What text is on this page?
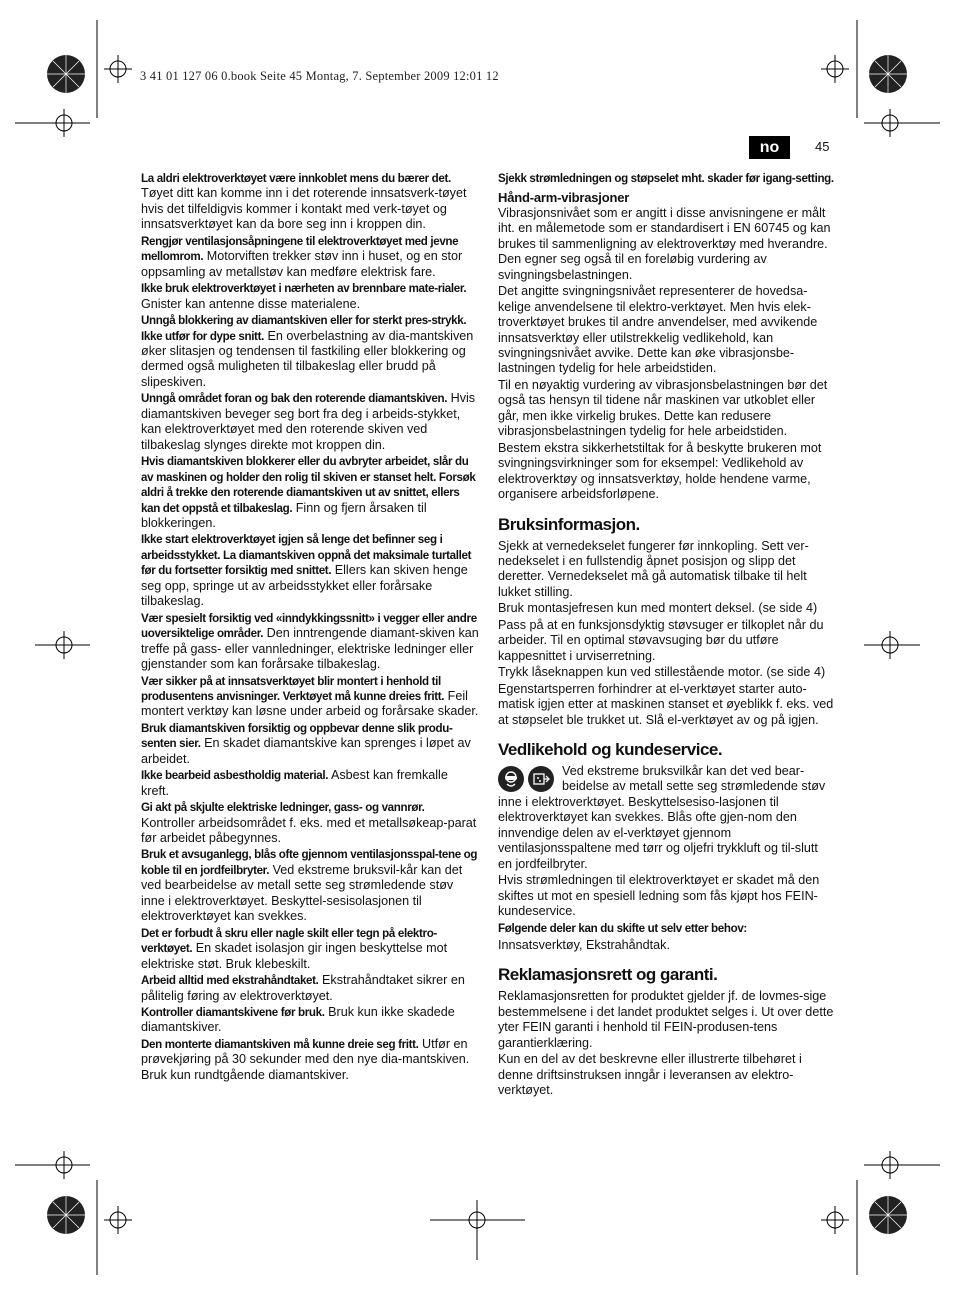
3 41 01 127 06 0.book Seite 45 Montag, 7. September 2009 12:01 12
no	45

La aldri elektroverktøyet være innkoblet mens du bærer det. Tøyet ditt kan komme inn i det roterende innsatsverk-tøyet hvis det tilfeldigvis kommer i kontakt med verk-tøyet og innsatsverktøyet kan da bore seg inn i kroppen din.

Rengjør ventilasjonsåpningene til elektroverktøyet med jevne mellomrom. Motorviften trekker støv inn i huset, og en stor oppsamling av metallstøv kan medføre elektrisk fare.

Ikke bruk elektroverktøyet i nærheten av brennbare mate-rialer. Gnister kan antenne disse materialene.

Unngå blokkering av diamantskiven eller for sterkt pres-strykk. Ikke utfør for dype snitt. En overbelastning av dia-mantskiven øker slitasjen og tendensen til fastkiling eller blokkering og dermed også muligheten til tilbakeslag eller brudd på slipeskiven.

Unngå området foran og bak den roterende diamantskiven. Hvis diamantskiven beveger seg bort fra deg i arbeids-stykket, kan elektroverktøyet med den roterende skiven ved tilbakeslag slynges direkte mot kroppen din.

Hvis diamantskiven blokkerer eller du avbryter arbeidet, slår du av maskinen og holder den rolig til skiven er stanset helt. Forsøk aldri å trekke den roterende diamantskiven ut av snittet, ellers kan det oppstå et tilbakeslag. Finn og fjern årsaken til blokkeringen.

Ikke start elektroverktøyet igjen så lenge det befinner seg i arbeidsstykket. La diamantskiven oppnå det maksimale turtallet før du fortsetter forsiktig med snittet. Ellers kan skiven henge seg opp, springe ut av arbeidsstykket eller forårsake tilbakeslag.

Vær spesielt forsiktig ved «inndykkingssnitt» i vegger eller andre uoversiktelige områder. Den inntrengende diamant-skiven kan treffe på gass- eller vannledninger, elektriske ledninger eller gjenstander som kan forårsake tilbakeslag.

Vær sikker på at innsatsverktøyet blir montert i henhold til produsentens anvisninger. Verktøyet må kunne dreies fritt. Feil montert verktøy kan løsne under arbeid og forårsake skader.

Bruk diamantskiven forsiktig og oppbevar denne slik produ-senten sier. En skadet diamantskive kan sprenges i løpet av arbeidet.

Ikke bearbeid asbestholdig material. Asbest kan fremkalle kreft.

Gi akt på skjulte elektriske ledninger, gass- og vannrør. Kontroller arbeidsområdet f. eks. med et metallsøkeap-parat før arbeidet påbegynnes.

Bruk et avsuganlegg, blås ofte gjennom ventilasjonsspal-tene og koble til en jordfeilbryter. Ved ekstreme bruksvil-kår kan det ved bearbeidelse av metall sette seg strømledende støv inne i elektroverktøyet. Beskyttel-sesisolasjonen til elektroverktøyet kan svekkes.

Det er forbudt å skru eller nagle skilt eller tegn på elektro-verktøyet. En skadet isolasjon gir ingen beskyttelse mot elektriske støt. Bruk klebeskilt.

Arbeid alltid med ekstrahåndtaket. Ekstrahåndtaket sikrer en pålitelig føring av elektroverktøyet.

Kontroller diamantskivene før bruk. Bruk kun ikke skadede diamantskiver.

Den monterte diamantskiven må kunne dreie seg fritt. Utfør en prøvekjøring på 30 sekunder med den nye dia-mantskiven. Bruk kun rundtgående diamantskiver.

Sjekk strømledningen og støpselet mht. skader før igang-setting.

Hånd-arm-vibrasjoner

Vibrasjonsnivået som er angitt i disse anvisningene er målt iht. en målemetode som er standardisert i EN 60745 og kan brukes til sammenligning av elektroverktøy med hverandre. Den egner seg også til en foreløbig vurdering av svingningsbelastningen.

Det angitte svingningsnivået representerer de hovedsa-kelige anvendelsene til elektro-verktøyet. Men hvis elek-troverktøyet brukes til andre anvendelser, med avvikende innsatsverktøy eller utilstrekkelig vedlikehold, kan svingningsnivået avvike. Dette kan øke vibrasjonsbe-lastningen tydelig for hele arbeidstiden.

Til en nøyaktig vurdering av vibrasjonsbelastningen bør det også tas hensyn til tidene når maskinen var utkoblet eller går, men ikke virkelig brukes. Dette kan redusere vibrasjonsbelastningen tydelig for hele arbeidstiden.

Bestem ekstra sikkerhetstiltak for å beskytte brukeren mot svingningsvirkninger som for eksempel: Vedlikehold av elektroverktøy og innsatsverktøy, holde hendene varme, organisere arbeidsforløpene.

Bruksinformasjon.

Sjekk at vernedekselet fungerer før innkopling. Sett ver-nedekselet i en fullstendig åpnet posisjon og slipp det deretter. Vernedekselet må gå automatisk tilbake til helt lukket stilling.

Bruk montasjefresen kun med montert deksel. (se side 4)

Pass på at en funksjonsdyktig støvsuger er tilkoplet når du arbeider. Til en optimal støvavsuging bør du utføre kappesnittet i urviserretning.

Trykk låseknappen kun ved stillestående motor. (se side 4)

Egenstartsperren forhindrer at el-verktøyet starter auto-matisk igjen etter at maskinen stanset et øyeblikk f. eks. ved at støpselet ble trukket ut. Slå el-verktøyet av og på igjen.

Vedlikehold og kundeservice.

Ved ekstreme bruksvilkår kan det ved bear-beidelse av metall sette seg strømledende støv inne i elektroverktøyet. Beskyttelsesiso-lasjonen til elektroverktøyet kan svekkes. Blås ofte gjen-nom den innvendige delen av el-verktøyet gjennom ventilasjonsspaltene med tørr og oljefri trykkluft og til-slutt en jordfeilbryter.

Hvis strømledningen til elektroverktøyet er skadet må den skiftes ut mot en spesiell ledning som fås kjøpt hos FEIN-kundeservice.

Følgende deler kan du skifte ut selv etter behov:

Innsatsverktøy, Ekstrahåndtak.

Reklamasjonsrett og garanti.

Reklamasjonsretten for produktet gjelder jf. de lovmes-sige bestemmelsene i det landet produktet selges i. Ut over dette yter FEIN garanti i henhold til FEIN-produsen-tens garantierklæring.

Kun en del av det beskrevne eller illustrerte tilbehøret i denne driftsinstruksen inngår i leveransen av elektro-verktøyet.
